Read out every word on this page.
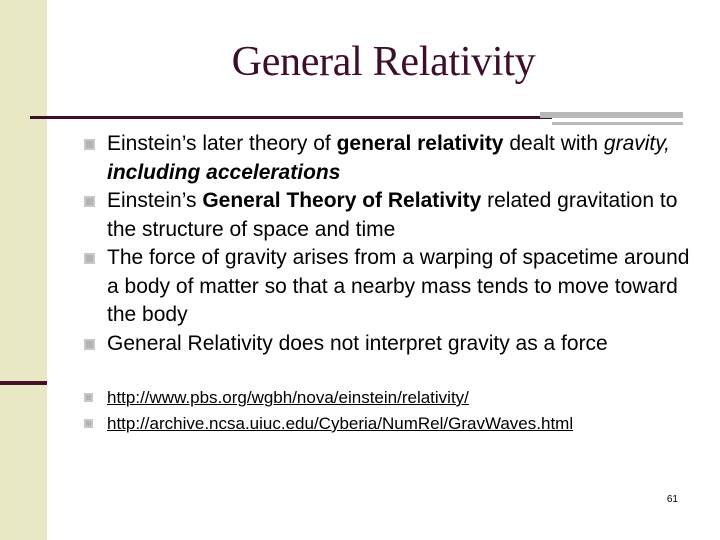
General Relativity
Einstein’s later theory of general relativity dealt with gravity, including accelerations
Einstein’s General Theory of Relativity related gravitation to the structure of space and time
The force of gravity arises from a warping of spacetime around a body of matter so that a nearby mass tends to move toward the body
General Relativity does not interpret gravity as a force
http://www.pbs.org/wgbh/nova/einstein/relativity/
http://archive.ncsa.uiuc.edu/Cyberia/NumRel/GravWaves.html
61
